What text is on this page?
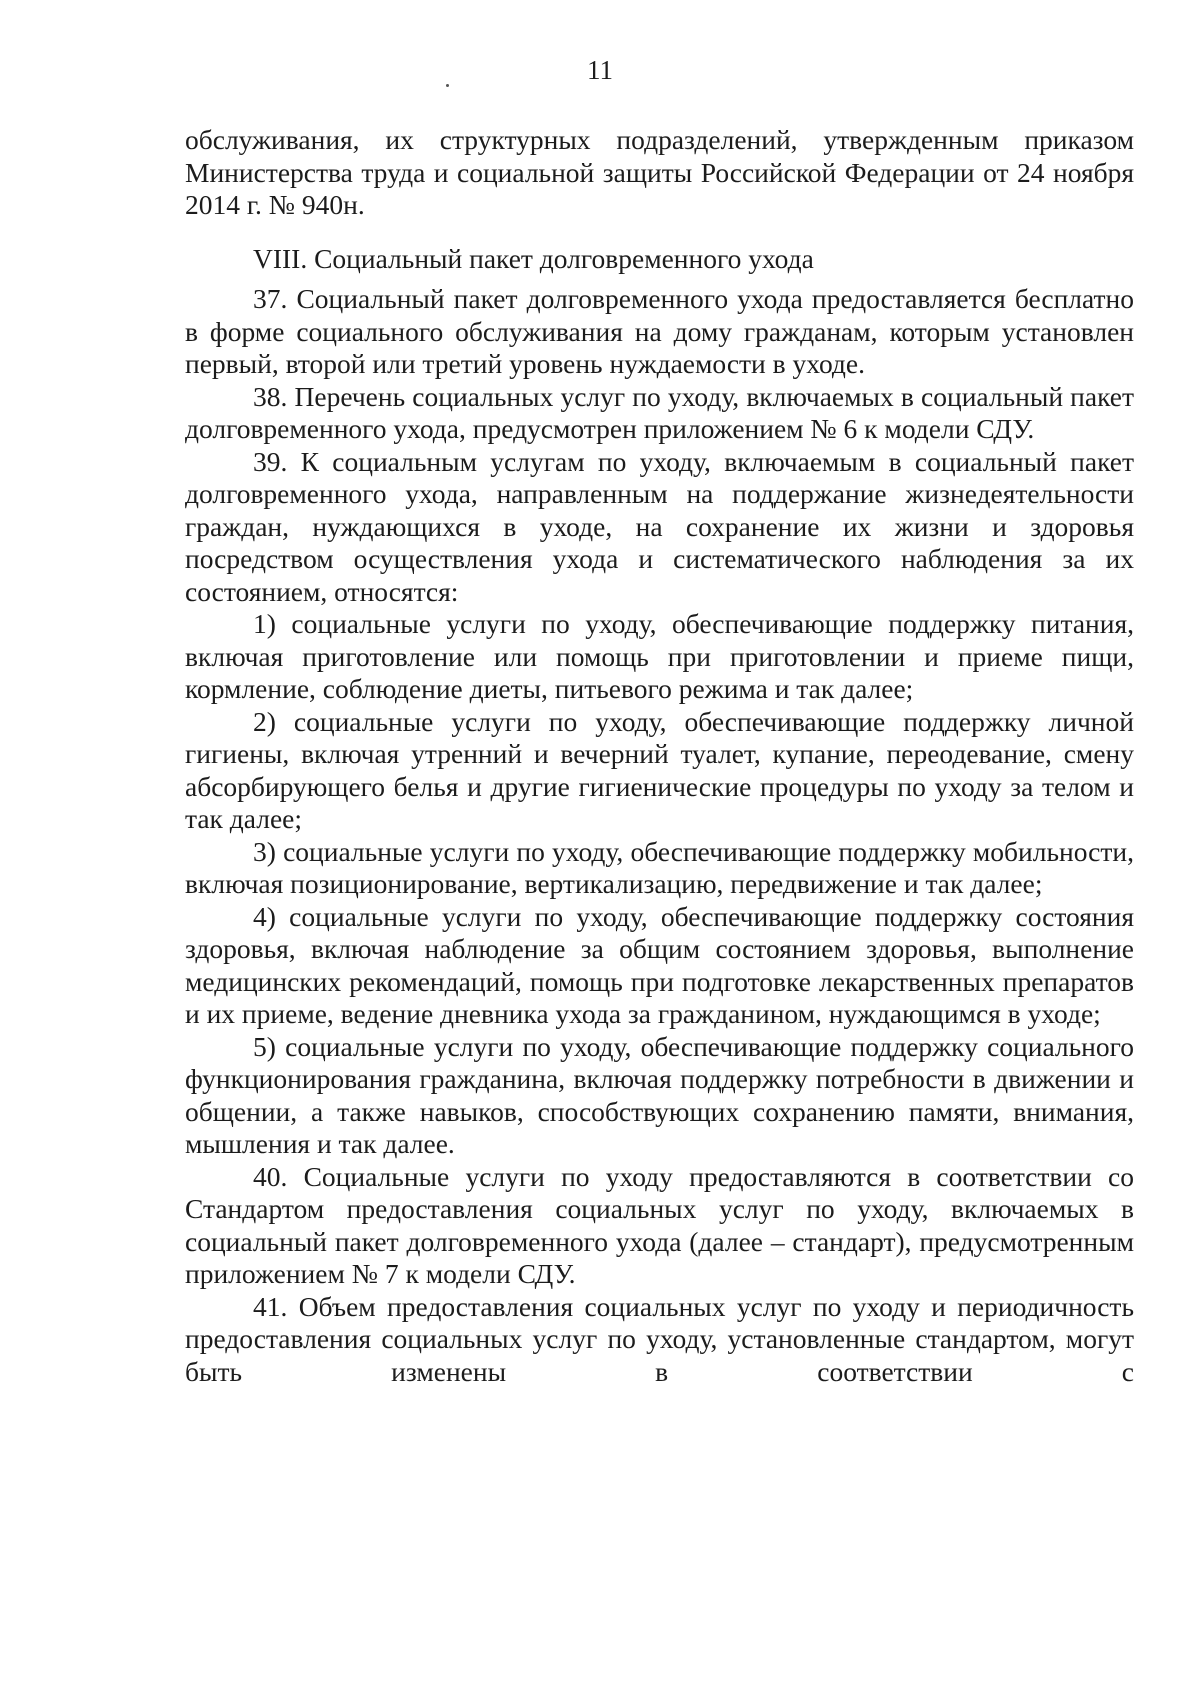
11

обслуживания, их структурных подразделений, утвержденным приказом Министерства труда и социальной защиты Российской Федерации от 24 ноября 2014 г. № 940н.

VIII. Социальный пакет долговременного ухода

37. Социальный пакет долговременного ухода предоставляется бесплатно в форме социального обслуживания на дому гражданам, которым установлен первый, второй или третий уровень нуждаемости в уходе.

38. Перечень социальных услуг по уходу, включаемых в социальный пакет долговременного ухода, предусмотрен приложением № 6 к модели СДУ.

39. К социальным услугам по уходу, включаемым в социальный пакет долговременного ухода, направленным на поддержание жизнедеятельности граждан, нуждающихся в уходе, на сохранение их жизни и здоровья посредством осуществления ухода и систематического наблюдения за их состоянием, относятся:

1) социальные услуги по уходу, обеспечивающие поддержку питания, включая приготовление или помощь при приготовлении и приеме пищи, кормление, соблюдение диеты, питьевого режима и так далее;

2) социальные услуги по уходу, обеспечивающие поддержку личной гигиены, включая утренний и вечерний туалет, купание, переодевание, смену абсорбирующего белья и другие гигиенические процедуры по уходу за телом и так далее;

3) социальные услуги по уходу, обеспечивающие поддержку мобильности, включая позиционирование, вертикализацию, передвижение и так далее;

4) социальные услуги по уходу, обеспечивающие поддержку состояния здоровья, включая наблюдение за общим состоянием здоровья, выполнение медицинских рекомендаций, помощь при подготовке лекарственных препаратов и их приеме, ведение дневника ухода за гражданином, нуждающимся в уходе;

5) социальные услуги по уходу, обеспечивающие поддержку социального функционирования гражданина, включая поддержку потребности в движении и общении, а также навыков, способствующих сохранению памяти, внимания, мышления и так далее.

40. Социальные услуги по уходу предоставляются в соответствии со Стандартом предоставления социальных услуг по уходу, включаемых в социальный пакет долговременного ухода (далее – стандарт), предусмотренным приложением № 7 к модели СДУ.

41. Объем предоставления социальных услуг по уходу и периодичность предоставления социальных услуг по уходу, установленные стандартом, могут быть изменены в соответствии с
